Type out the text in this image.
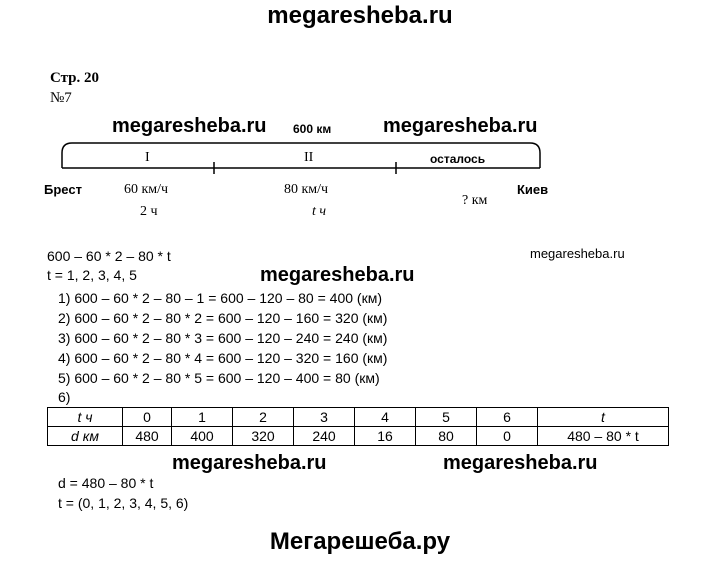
megaresheba.ru
Мегарешеба.ру
Стр. 20
№7
megaresheba.ru 600 км	megaresheba.ru
I	II	осталось
Брест	Киев
60 км/ч
2 ч
80 км/ч
t ч
? км
600 – 60 * 2 – 80 * t	megaresheba.ru
t = 1, 2, 3, 4, 5	megaresheba.ru
1) 600 – 60 * 2 – 80 – 1 = 600 – 120 – 80 = 400 (км)
2) 600 – 60 * 2 – 80 * 2 = 600 – 120 – 160 = 320 (км)
3) 600 – 60 * 2 – 80 * 3 = 600 – 120 – 240 = 240 (км)
4) 600 – 60 * 2 – 80 * 4 = 600 – 120 – 320 = 160 (км)
5) 600 – 60 * 2 – 80 * 5 = 600 – 120 – 400 = 80 (км)
6)
t ч	0	1	2	3	4	5	6	t
d км	480	400	320	240	16	80	0	480 – 80 * t
megaresheba.ru	megaresheba.ru
d = 480 – 80 * t
t = (0, 1, 2, 3, 4, 5, 6)
